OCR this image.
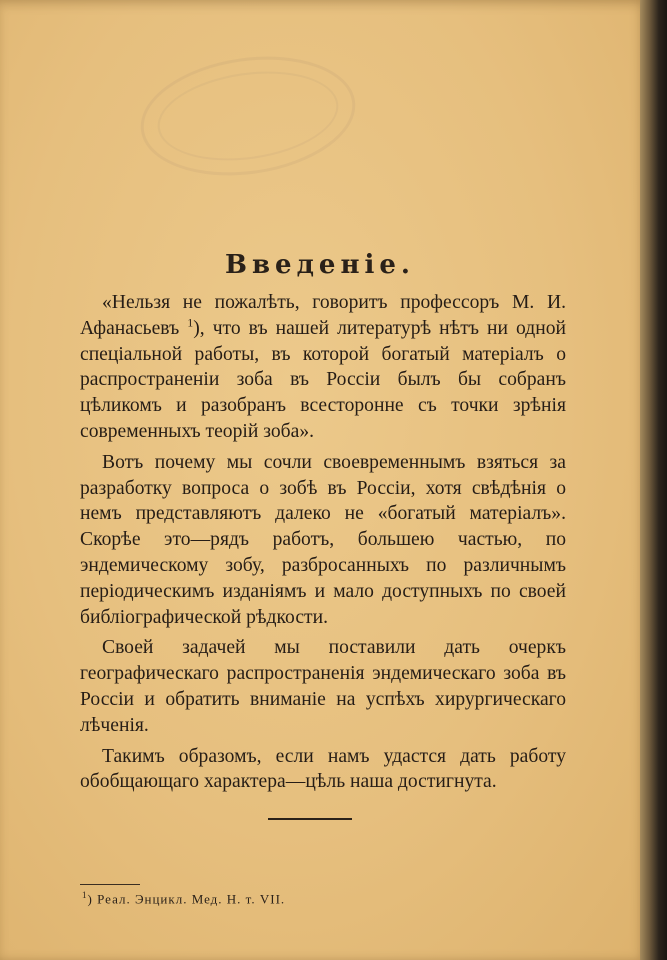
Введенiе.

«Нельзя не пожалѣть, говоритъ профессоръ М. И. Афанасьевъ $^1$), что въ нашей литературѣ нѣтъ ни одной спецiальной работы, въ которой богатый матерiалъ о распространенiи зоба въ Россiи былъ бы собранъ цѣликомъ и разобранъ всесторонне съ точки зрѣнiя современныхъ теорiй зоба».

Вотъ почему мы сочли своевременнымъ взяться за разработку вопроса о зобѣ въ Россiи, хотя свѣдѣнiя о немъ представляютъ далеко не «богатый матерiалъ». Скорѣе это—рядъ работъ, большею частью, по эндемическому зобу, разбросанныхъ по различнымъ перiодическимъ изданiямъ и мало доступныхъ по своей библiографической рѣдкости.

Своей задачей мы поставили дать очеркъ географическаго распространенiя эндемическаго зоба въ Россiи и обратить вниманiе на успѣхъ хирургическаго лѣченiя.

Такимъ образомъ, если намъ удастся дать работу обобщающаго характера—цѣль наша достигнута.

$^1$) Реал. Энцикл. Мед. Н. т. VII.
